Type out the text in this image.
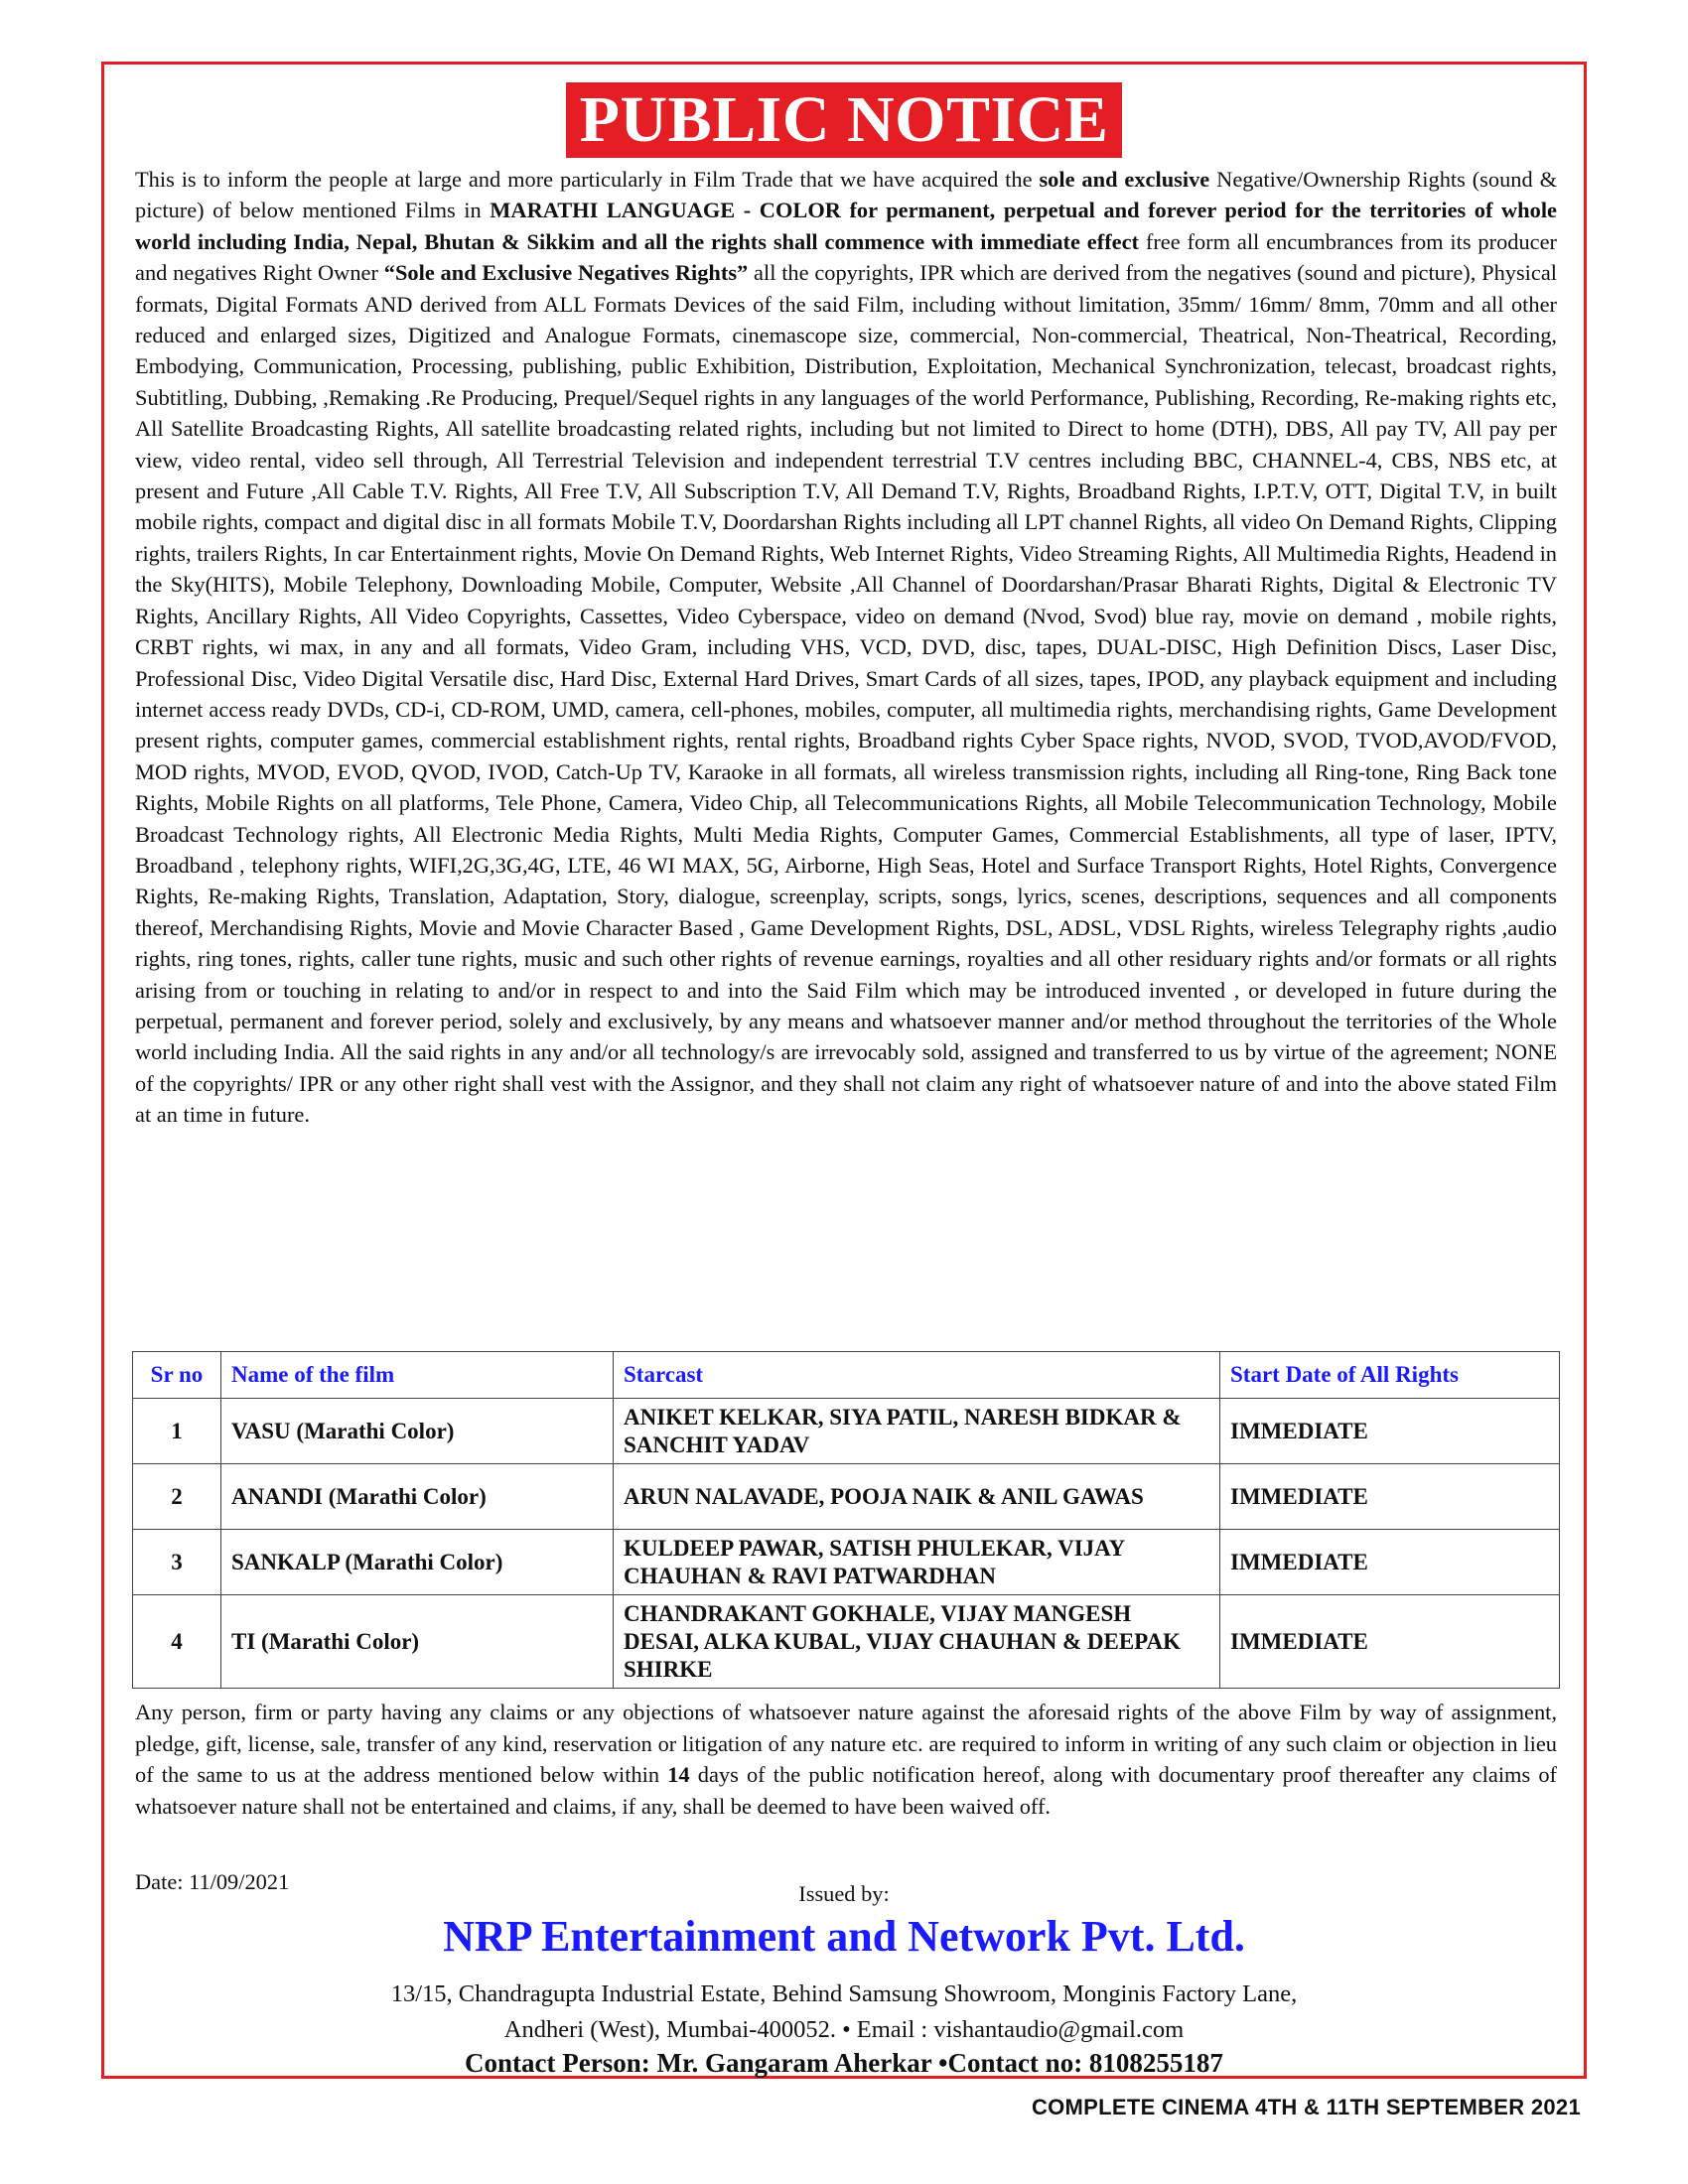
PUBLIC NOTICE

This is to inform the people at large and more particularly in Film Trade that we have acquired the sole and exclusive Negative/Ownership Rights (sound & picture) of below mentioned Films in MARATHI LANGUAGE - COLOR for permanent, perpetual and forever period for the territories of whole world including India, Nepal, Bhutan & Sikkim and all the rights shall commence with immediate effect free form all encumbrances from its producer and negatives Right Owner “Sole and Exclusive Negatives Rights” all the copyrights, IPR which are derived from the negatives (sound and picture), Physical formats, Digital Formats AND derived from ALL Formats Devices of the said Film, including without limitation, 35mm/ 16mm/ 8mm, 70mm and all other reduced and enlarged sizes, Digitized and Analogue Formats, cinemascope size, commercial, Non-commercial, Theatrical, Non-Theatrical, Recording, Embodying, Communication, Processing, publishing, public Exhibition, Distribution, Exploitation, Mechanical Synchronization, telecast, broadcast rights, Subtitling, Dubbing, ,Remaking .Re Producing, Prequel/Sequel rights in any languages of the world Performance, Publishing, Recording, Re-making rights etc, All Satellite Broadcasting Rights, All satellite broadcasting related rights, including but not limited to Direct to home (DTH), DBS, All pay TV, All pay per view, video rental, video sell through, All Terrestrial Television and independent terrestrial T.V centres including BBC, CHANNEL-4, CBS, NBS etc, at present and Future ,All Cable T.V. Rights, All Free T.V, All Subscription T.V, All Demand T.V, Rights, Broadband Rights, I.P.T.V, OTT, Digital T.V, in built mobile rights, compact and digital disc in all formats Mobile T.V, Doordarshan Rights including all LPT channel Rights, all video On Demand Rights, Clipping rights, trailers Rights, In car Entertainment rights, Movie On Demand Rights, Web Internet Rights, Video Streaming Rights, All Multimedia Rights, Headend in the Sky(HITS), Mobile Telephony, Downloading Mobile, Computer, Website ,All Channel of Doordarshan/Prasar Bharati Rights, Digital & Electronic TV Rights, Ancillary Rights, All Video Copyrights, Cassettes, Video Cyberspace, video on demand (Nvod, Svod) blue ray, movie on demand , mobile rights, CRBT rights, wi max, in any and all formats, Video Gram, including VHS, VCD, DVD, disc, tapes, DUAL-DISC, High Definition Discs, Laser Disc, Professional Disc, Video Digital Versatile disc, Hard Disc, External Hard Drives, Smart Cards of all sizes, tapes, IPOD, any playback equipment and including internet access ready DVDs, CD-i, CD-ROM, UMD, camera, cell-phones, mobiles, computer, all multimedia rights, merchandising rights, Game Development present rights, computer games, commercial establishment rights, rental rights, Broadband rights Cyber Space rights, NVOD, SVOD, TVOD,AVOD/FVOD, MOD rights, MVOD, EVOD, QVOD, IVOD, Catch-Up TV, Karaoke in all formats, all wireless transmission rights, including all Ring-tone, Ring Back tone Rights, Mobile Rights on all platforms, Tele Phone, Camera, Video Chip, all Telecommunications Rights, all Mobile Telecommunication Technology, Mobile Broadcast Technology rights, All Electronic Media Rights, Multi Media Rights, Computer Games, Commercial Establishments, all type of laser, IPTV, Broadband , telephony rights, WIFI,2G,3G,4G, LTE, 46 WI MAX, 5G, Airborne, High Seas, Hotel and Surface Transport Rights, Hotel Rights, Convergence Rights, Re-making Rights, Translation, Adaptation, Story, dialogue, screenplay, scripts, songs, lyrics, scenes, descriptions, sequences and all components thereof, Merchandising Rights, Movie and Movie Character Based , Game Development Rights, DSL, ADSL, VDSL Rights, wireless Telegraphy rights ,audio rights, ring tones, rights, caller tune rights, music and such other rights of revenue earnings, royalties and all other residuary rights and/or formats or all rights arising from or touching in relating to and/or in respect to and into the Said Film which may be introduced invented , or developed in future during the perpetual, permanent and forever period, solely and exclusively, by any means and whatsoever manner and/or method throughout the territories of the Whole world including India. All the said rights in any and/or all technology/s are irrevocably sold, assigned and transferred to us by virtue of the agreement; NONE of the copyrights/ IPR or any other right shall vest with the Assignor, and they shall not claim any right of whatsoever nature of and into the above stated Film at an time in future.

Sr no	Name of the film	Starcast	Start Date of All Rights
1	VASU (Marathi Color)	ANIKET KELKAR, SIYA PATIL, NARESH BIDKAR & SANCHIT YADAV	IMMEDIATE
2	ANANDI (Marathi Color)	ARUN NALAVADE, POOJA NAIK & ANIL GAWAS	IMMEDIATE
3	SANKALP (Marathi Color)	KULDEEP PAWAR, SATISH PHULEKAR, VIJAY CHAUHAN & RAVI PATWARDHAN	IMMEDIATE
4	TI (Marathi Color)	CHANDRAKANT GOKHALE, VIJAY MANGESH DESAI, ALKA KUBAL, VIJAY CHAUHAN & DEEPAK SHIRKE	IMMEDIATE

Any person, firm or party having any claims or any objections of whatsoever nature against the aforesaid rights of the above Film by way of assignment, pledge, gift, license, sale, transfer of any kind, reservation or litigation of any nature etc. are required to inform in writing of any such claim or objection in lieu of the same to us at the address mentioned below within 14 days of the public notification hereof, along with documentary proof thereafter any claims of whatsoever nature shall not be entertained and claims, if any, shall be deemed to have been waived off.

Date: 11/09/2021	Issued by:
NRP Entertainment and Network Pvt. Ltd.
13/15, Chandragupta Industrial Estate, Behind Samsung Showroom, Monginis Factory Lane,
Andheri (West), Mumbai-400052. • Email : vishantaudio@gmail.com
Contact Person: Mr. Gangaram Aherkar •Contact no: 8108255187
COMPLETE CINEMA 4TH & 11TH SEPTEMBER 2021
